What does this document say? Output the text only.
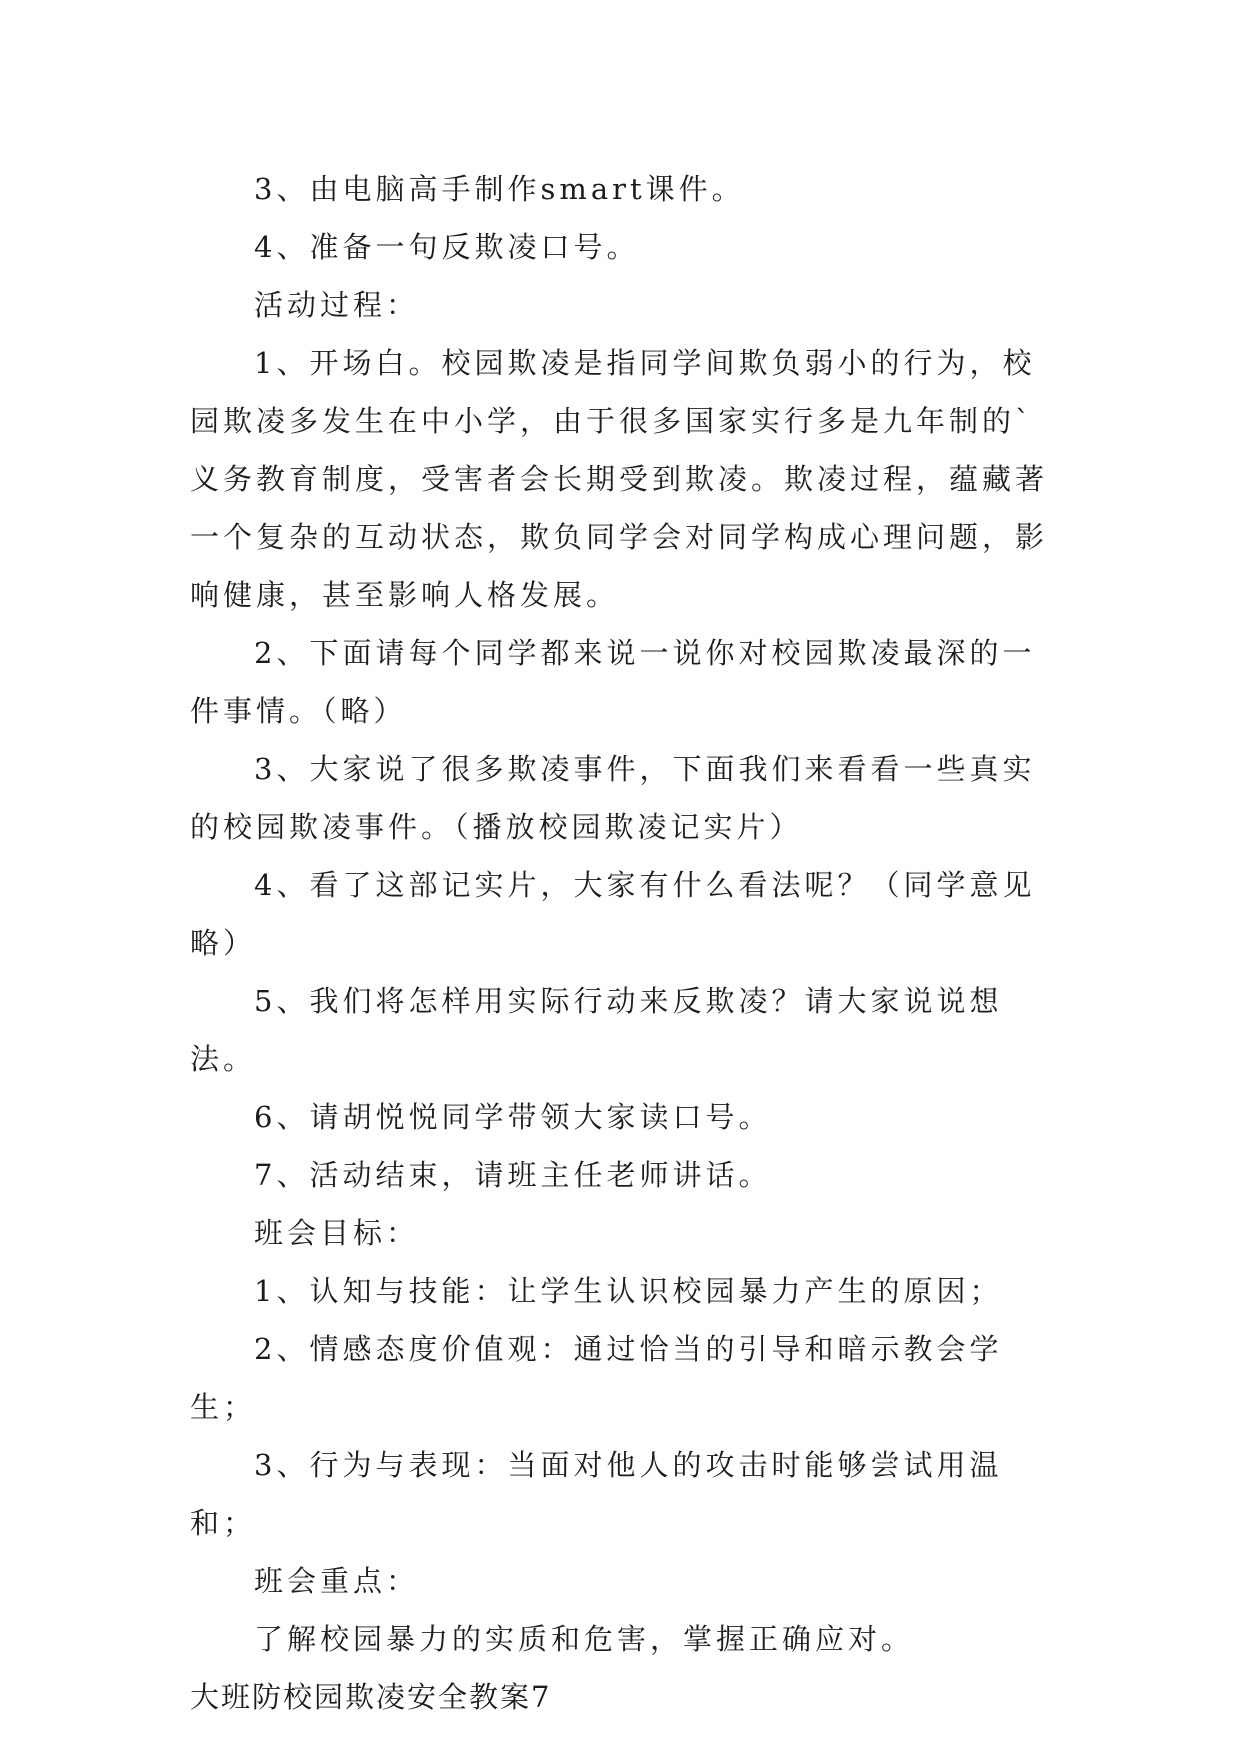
3、由电脑高手制作smart课件。

4、准备一句反欺凌口号。

活动过程：

1、开场白。校园欺凌是指同学间欺负弱小的行为，校园欺凌多发生在中小学，由于很多国家实行多是九年制的`义务教育制度，受害者会长期受到欺凌。欺凌过程，蕴藏著一个复杂的互动状态，欺负同学会对同学构成心理问题，影响健康，甚至影响人格发展。

2、下面请每个同学都来说一说你对校园欺凌最深的一件事情。（略）

3、大家说了很多欺凌事件，下面我们来看看一些真实的校园欺凌事件。（播放校园欺凌记实片）

4、看了这部记实片，大家有什么看法呢？（同学意见略）

5、我们将怎样用实际行动来反欺凌？请大家说说想法。

6、请胡悦悦同学带领大家读口号。

7、活动结束，请班主任老师讲话。

班会目标：

1、认知与技能：让学生认识校园暴力产生的原因；

2、情感态度价值观：通过恰当的引导和暗示教会学生；

3、行为与表现：当面对他人的攻击时能够尝试用温和；

班会重点：

了解校园暴力的实质和危害，掌握正确应对。

大班防校园欺凌安全教案7
